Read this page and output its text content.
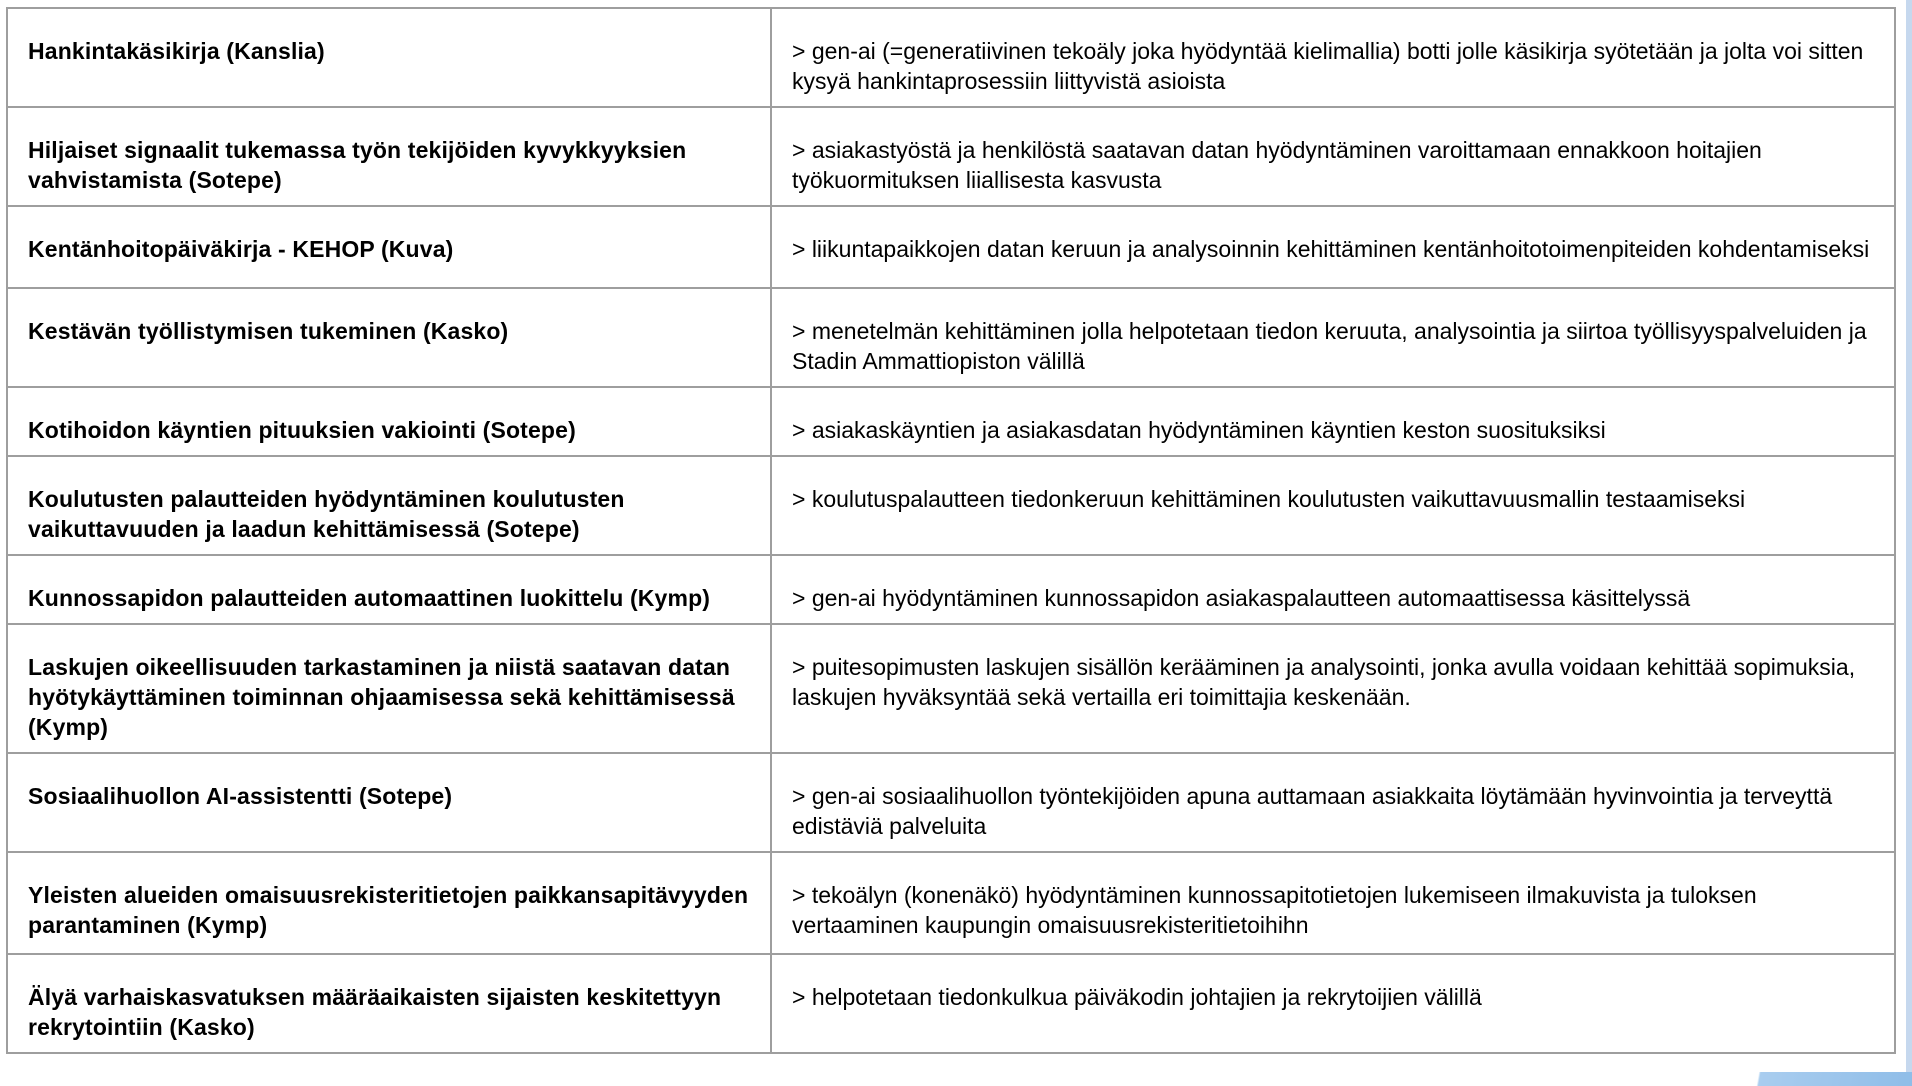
Hankintakäsikirja (Kanslia)	> gen-ai (=generatiivinen tekoäly joka hyödyntää kielimallia) botti jolle käsikirja syötetään ja jolta voi sitten kysyä hankintaprosessiin liittyvistä asioista
Hiljaiset signaalit tukemassa työn tekijöiden kyvykkyyksien vahvistamista (Sotepe)	> asiakastyöstä ja henkilöstä saatavan datan hyödyntäminen varoittamaan ennakkoon hoitajien työkuormituksen liiallisesta kasvusta
Kentänhoitopäiväkirja - KEHOP (Kuva)	> liikuntapaikkojen datan keruun ja analysoinnin kehittäminen kentänhoitotoimenpiteiden kohdentamiseksi
Kestävän työllistymisen tukeminen (Kasko)	> menetelmän kehittäminen jolla helpotetaan tiedon keruuta, analysointia ja siirtoa työllisyyspalveluiden ja Stadin Ammattiopiston välillä
Kotihoidon käyntien pituuksien vakiointi (Sotepe)	> asiakaskäyntien ja asiakasdatan hyödyntäminen käyntien keston suosituksiksi
Koulutusten palautteiden hyödyntäminen koulutusten vaikuttavuuden ja laadun kehittämisessä (Sotepe)	> koulutuspalautteen tiedonkeruun kehittäminen koulutusten vaikuttavuusmallin testaamiseksi
Kunnossapidon palautteiden automaattinen luokittelu (Kymp)	> gen-ai hyödyntäminen kunnossapidon asiakaspalautteen automaattisessa käsittelyssä
Laskujen oikeellisuuden tarkastaminen ja niistä saatavan datan hyötykäyttäminen toiminnan ohjaamisessa sekä kehittämisessä (Kymp)	> puitesopimusten laskujen sisällön kerääminen ja analysointi, jonka avulla voidaan kehittää sopimuksia, laskujen hyväksyntää sekä vertailla eri toimittajia keskenään.
Sosiaalihuollon AI-assistentti (Sotepe)	> gen-ai sosiaalihuollon työntekijöiden apuna auttamaan asiakkaita löytämään hyvinvointia ja terveyttä edistäviä palveluita
Yleisten alueiden omaisuusrekisteritietojen paikkansapitävyyden parantaminen (Kymp)	> tekoälyn (konenäkö) hyödyntäminen kunnossapitotietojen lukemiseen ilmakuvista ja tuloksen vertaaminen kaupungin omaisuusrekisteritietoihihn
Älyä varhaiskasvatuksen määräaikaisten sijaisten keskitettyyn rekrytointiin (Kasko)	> helpotetaan tiedonkulkua päiväkodin johtajien ja rekrytoijien välillä
